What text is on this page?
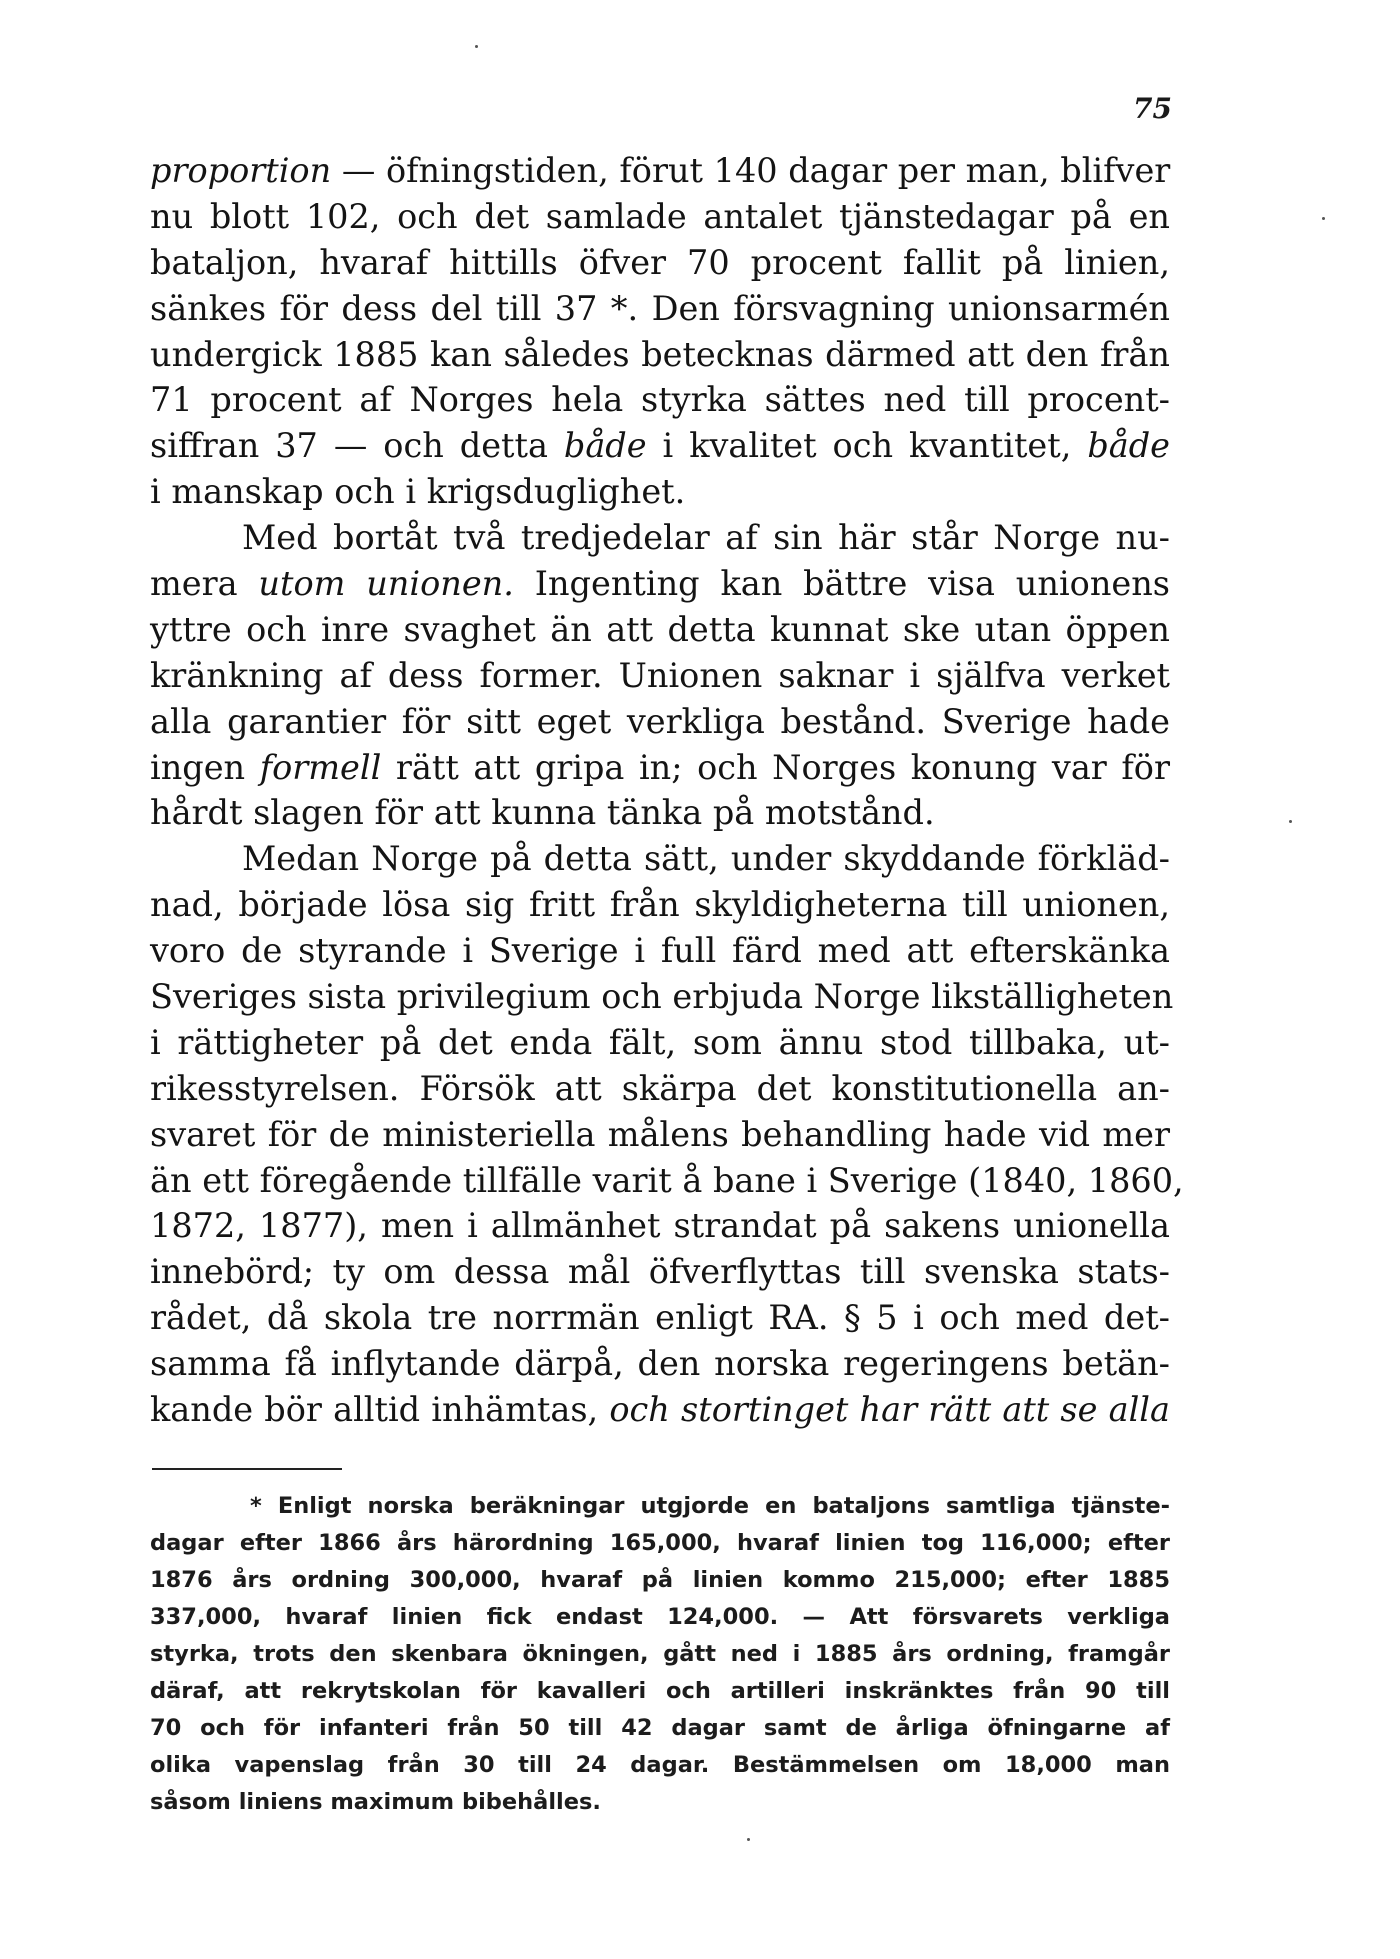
75
proportion — öfningstiden, förut 140 dagar per man, blifver
nu blott 102, och det samlade antalet tjänstedagar på en
bataljon, hvaraf hittills öfver 70 procent fallit på linien,
sänkes för dess del till 37 *. Den försvagning unionsarmén
undergick 1885 kan således betecknas därmed att den från
71 procent af Norges hela styrka sättes ned till procent-
siffran 37 — och detta både i kvalitet och kvantitet, både
i manskap och i krigsduglighet.
Med bortåt två tredjedelar af sin här står Norge nu-
mera utom unionen. Ingenting kan bättre visa unionens
yttre och inre svaghet än att detta kunnat ske utan öppen
kränkning af dess former. Unionen saknar i själfva verket
alla garantier för sitt eget verkliga bestånd. Sverige hade
ingen formell rätt att gripa in; och Norges konung var för
hårdt slagen för att kunna tänka på motstånd.
Medan Norge på detta sätt, under skyddande förkläd-
nad, började lösa sig fritt från skyldigheterna till unionen,
voro de styrande i Sverige i full färd med att efterskänka
Sveriges sista privilegium och erbjuda Norge likställigheten
i rättigheter på det enda fält, som ännu stod tillbaka, ut-
rikesstyrelsen. Försök att skärpa det konstitutionella an-
svaret för de ministeriella målens behandling hade vid mer
än ett föregående tillfälle varit å bane i Sverige (1840, 1860,
1872, 1877), men i allmänhet strandat på sakens unionella
innebörd; ty om dessa mål öfverflyttas till svenska stats-
rådet, då skola tre norrmän enligt RA. § 5 i och med det-
samma få inflytande därpå, den norska regeringens betän-
kande bör alltid inhämtas, och stortinget har rätt att se alla
* Enligt norska beräkningar utgjorde en bataljons samtliga tjänste-
dagar efter 1866 års härordning 165,000, hvaraf linien tog 116,000; efter
1876 års ordning 300,000, hvaraf på linien kommo 215,000; efter 1885
337,000, hvaraf linien fick endast 124,000. — Att försvarets verkliga
styrka, trots den skenbara ökningen, gått ned i 1885 års ordning, framgår
däraf, att rekrytskolan för kavalleri och artilleri inskränktes från 90 till
70 och för infanteri från 50 till 42 dagar samt de årliga öfningarne af
olika vapenslag från 30 till 24 dagar. Bestämmelsen om 18,000 man
såsom liniens maximum bibehålles.
